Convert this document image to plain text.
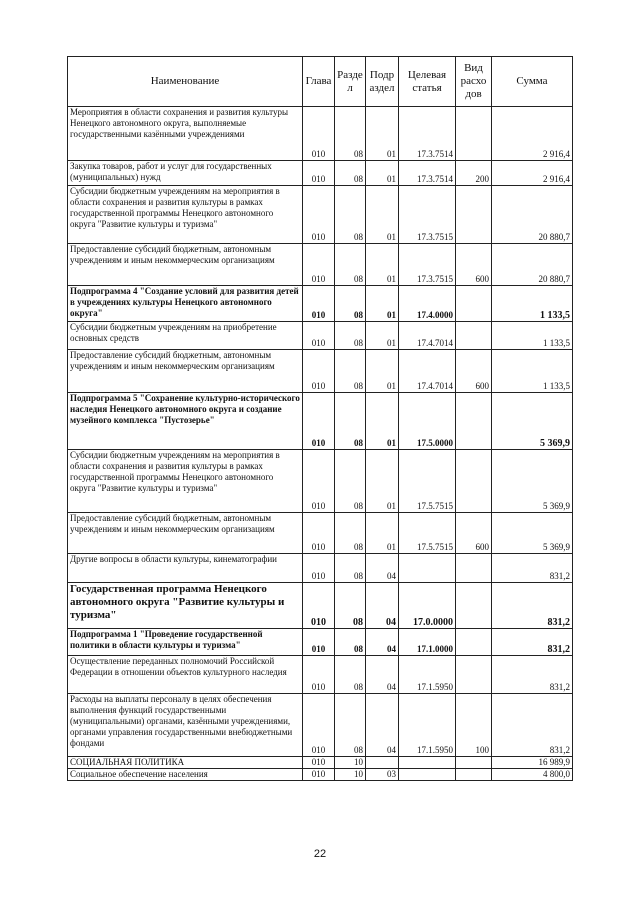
Наименование	Глава	Разде л	Подр аздел	Целевая статья	Вид расхо дов	Сумма
Мероприятия в области сохранения и развития культуры Ненецкого автономного округа, выполняемые государственными казёнными учреждениями	010	08	01	17.3.7514		2 916,4
Закупка товаров, работ и услуг для государственных (муниципальных) нужд	010	08	01	17.3.7514	200	2 916,4
Субсидии бюджетным учреждениям на мероприятия в области сохранения и развития культуры в рамках государственной программы Ненецкого автономного округа "Развитие культуры и туризма"	010	08	01	17.3.7515		20 880,7
Предоставление субсидий бюджетным, автономным учреждениям и иным некоммерческим организациям	010	08	01	17.3.7515	600	20 880,7
Подпрограмма 4 "Создание условий для развития детей в учреждениях культуры Ненецкого автономного округа"	010	08	01	17.4.0000		1 133,5
Субсидии бюджетным учреждениям на приобретение основных средств	010	08	01	17.4.7014		1 133,5
Предоставление субсидий бюджетным, автономным учреждениям и иным некоммерческим организациям	010	08	01	17.4.7014	600	1 133,5
Подпрограмма 5 "Сохранение культурно-исторического наследия Ненецкого автономного округа и создание музейного комплекса "Пустозерье"	010	08	01	17.5.0000		5 369,9
Субсидии бюджетным учреждениям на мероприятия в области сохранения и развития культуры в рамках государственной программы Ненецкого автономного округа "Развитие культуры и туризма"	010	08	01	17.5.7515		5 369,9
Предоставление субсидий бюджетным, автономным учреждениям и иным некоммерческим организациям	010	08	01	17.5.7515	600	5 369,9
Другие вопросы в области культуры, кинематографии	010	08	04			831,2
Государственная программа Ненецкого автономного округа "Развитие культуры и туризма"	010	08	04	17.0.0000		831,2
Подпрограмма 1 "Проведение государственной политики в области культуры и туризма"	010	08	04	17.1.0000		831,2
Осуществление переданных полномочий Российской Федерации в отношении объектов культурного наследия	010	08	04	17.1.5950		831,2
Расходы на выплаты персоналу в целях обеспечения выполнения функций государственными (муниципальными) органами, казёнными учреждениями, органами управления государственными внебюджетными фондами	010	08	04	17.1.5950	100	831,2
СОЦИАЛЬНАЯ ПОЛИТИКА	010	10				16 989,9
Социальное обеспечение населения	010	10	03			4 800,0
22
